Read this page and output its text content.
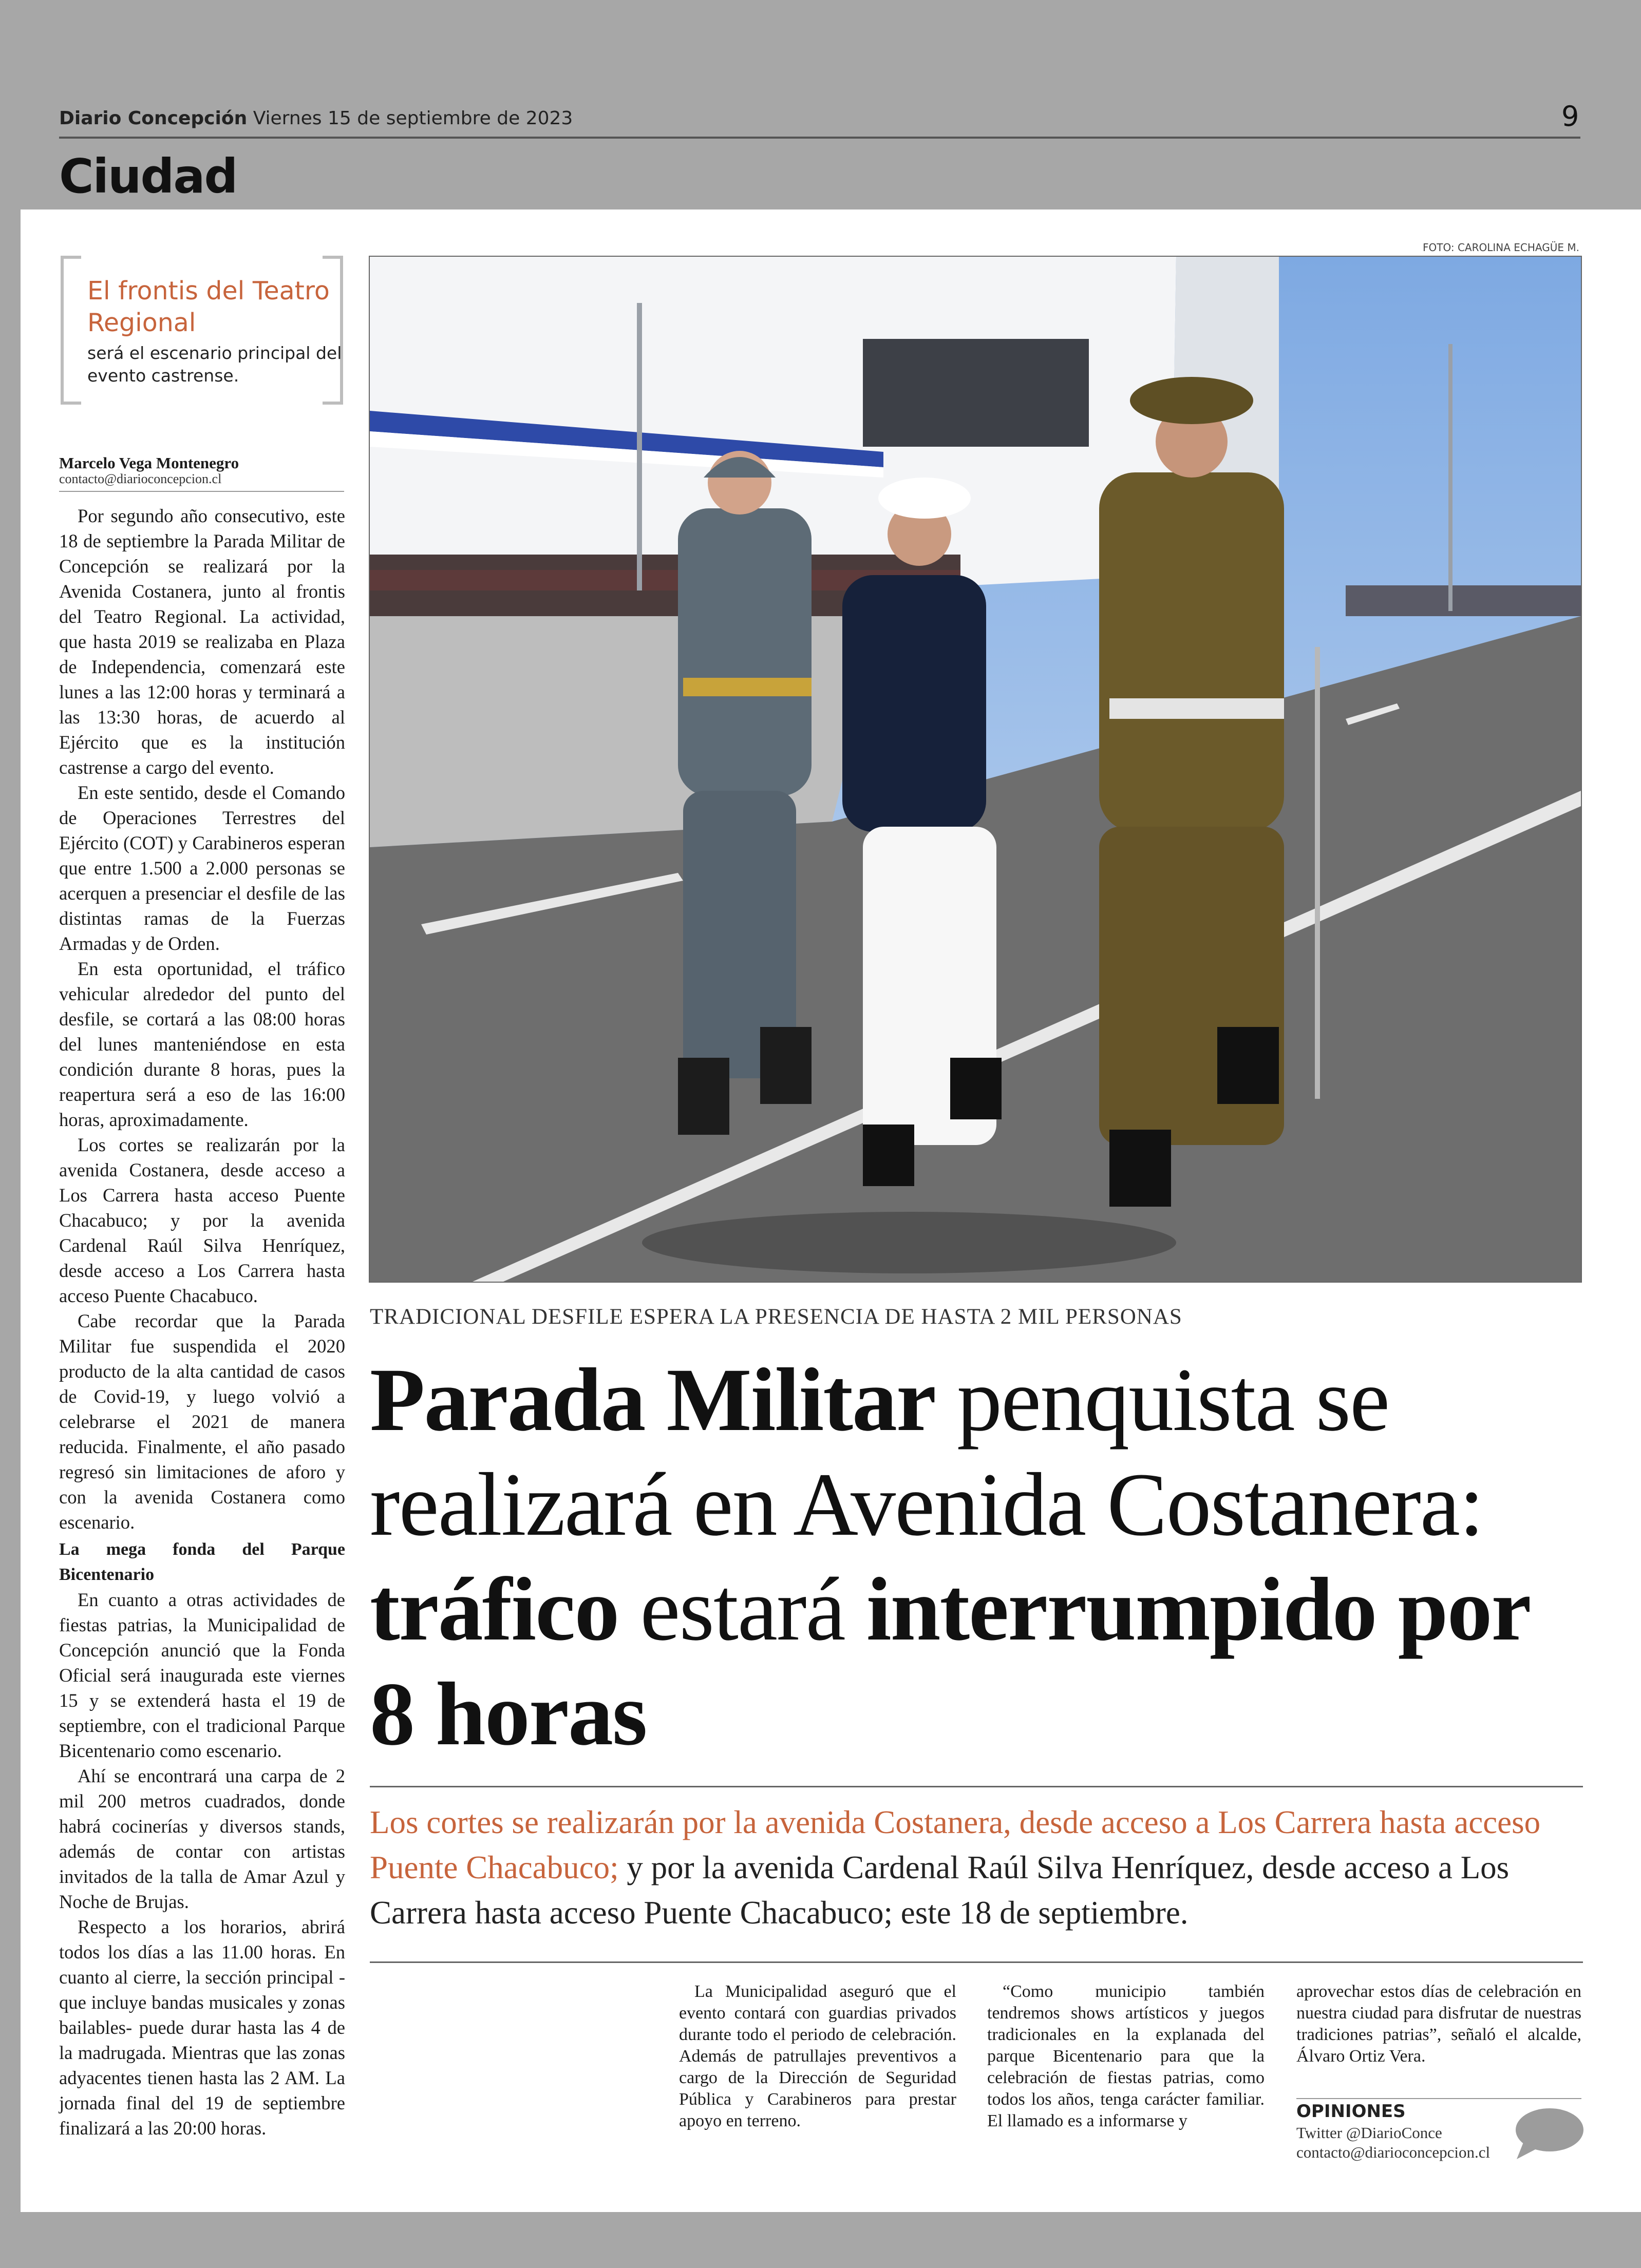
Diario Concepción Viernes 15 de septiembre de 2023	9
Ciudad
El frontis del Teatro Regional
será el escenario principal del evento castrense.
Marcelo Vega Montenegro
contacto@diarioconcepcion.cl

Por segundo año consecutivo, este 18 de septiembre la Parada Militar de Concepción se realizará por la Avenida Costanera, junto al frontis del Teatro Regional. La actividad, que hasta 2019 se realizaba en Plaza de Independencia, comenzará este lunes a las 12:00 horas y terminará a las 13:30 horas, de acuerdo al Ejército que es la institución castrense a cargo del evento.

En este sentido, desde el Comando de Operaciones Terrestres del Ejército (COT) y Carabineros esperan que entre 1.500 a 2.000 personas se acerquen a presenciar el desfile de las distintas ramas de la Fuerzas Armadas y de Orden.

En esta oportunidad, el tráfico vehicular alrededor del punto del desfile, se cortará a las 08:00 horas del lunes manteniéndose en esta condición durante 8 horas, pues la reapertura será a eso de las 16:00 horas, aproximadamente.

Los cortes se realizarán por la avenida Costanera, desde acceso a Los Carrera hasta acceso Puente Chacabuco; y por la avenida Cardenal Raúl Silva Henríquez, desde acceso a Los Carrera hasta acceso Puente Chacabuco.

Cabe recordar que la Parada Militar fue suspendida el 2020 producto de la alta cantidad de casos de Covid-19, y luego volvió a celebrarse el 2021 de manera reducida. Finalmente, el año pasado regresó sin limitaciones de aforo y con la avenida Costanera como escenario.

La mega fonda del Parque Bicentenario

En cuanto a otras actividades de fiestas patrias, la Municipalidad de Concepción anunció que la Fonda Oficial será inaugurada este viernes 15 y se extenderá hasta el 19 de septiembre, con el tradicional Parque Bicentenario como escenario.

Ahí se encontrará una carpa de 2 mil 200 metros cuadrados, donde habrá cocinerías y diversos stands, además de contar con artistas invitados de la talla de Amar Azul y Noche de Brujas.

Respecto a los horarios, abrirá todos los días a las 11.00 horas. En cuanto al cierre, la sección principal -que incluye bandas musicales y zonas bailables- puede durar hasta las 4 de la madrugada. Mientras que las zonas adyacentes tienen hasta las 2 AM. La jornada final del 19 de septiembre finalizará a las 20:00 horas.

FOTO: CAROLINA ECHAGÜE M.
TRADICIONAL DESFILE ESPERA LA PRESENCIA DE HASTA 2 MIL PERSONAS
Parada Militar penquista se realizará en Avenida Costanera: tráfico estará interrumpido por 8 horas
Los cortes se realizarán por la avenida Costanera, desde acceso a Los Carrera hasta acceso Puente Chacabuco; y por la avenida Cardenal Raúl Silva Henríquez, desde acceso a Los Carrera hasta acceso Puente Chacabuco; este 18 de septiembre.

La Municipalidad aseguró que el evento contará con guardias privados durante todo el periodo de celebración. Además de patrullajes preventivos a cargo de la Dirección de Seguridad Pública y Carabineros para prestar apoyo en terreno.

“Como municipio también tendremos shows artísticos y juegos tradicionales en la explanada del parque Bicentenario para que la celebración de fiestas patrias, como todos los años, tenga carácter familiar. El llamado es a informarse y

aprovechar estos días de celebración en nuestra ciudad para disfrutar de nuestras tradiciones patrias”, señaló el alcalde, Álvaro Ortiz Vera.

OPINIONES
Twitter @DiarioConce
contacto@diarioconcepcion.cl
